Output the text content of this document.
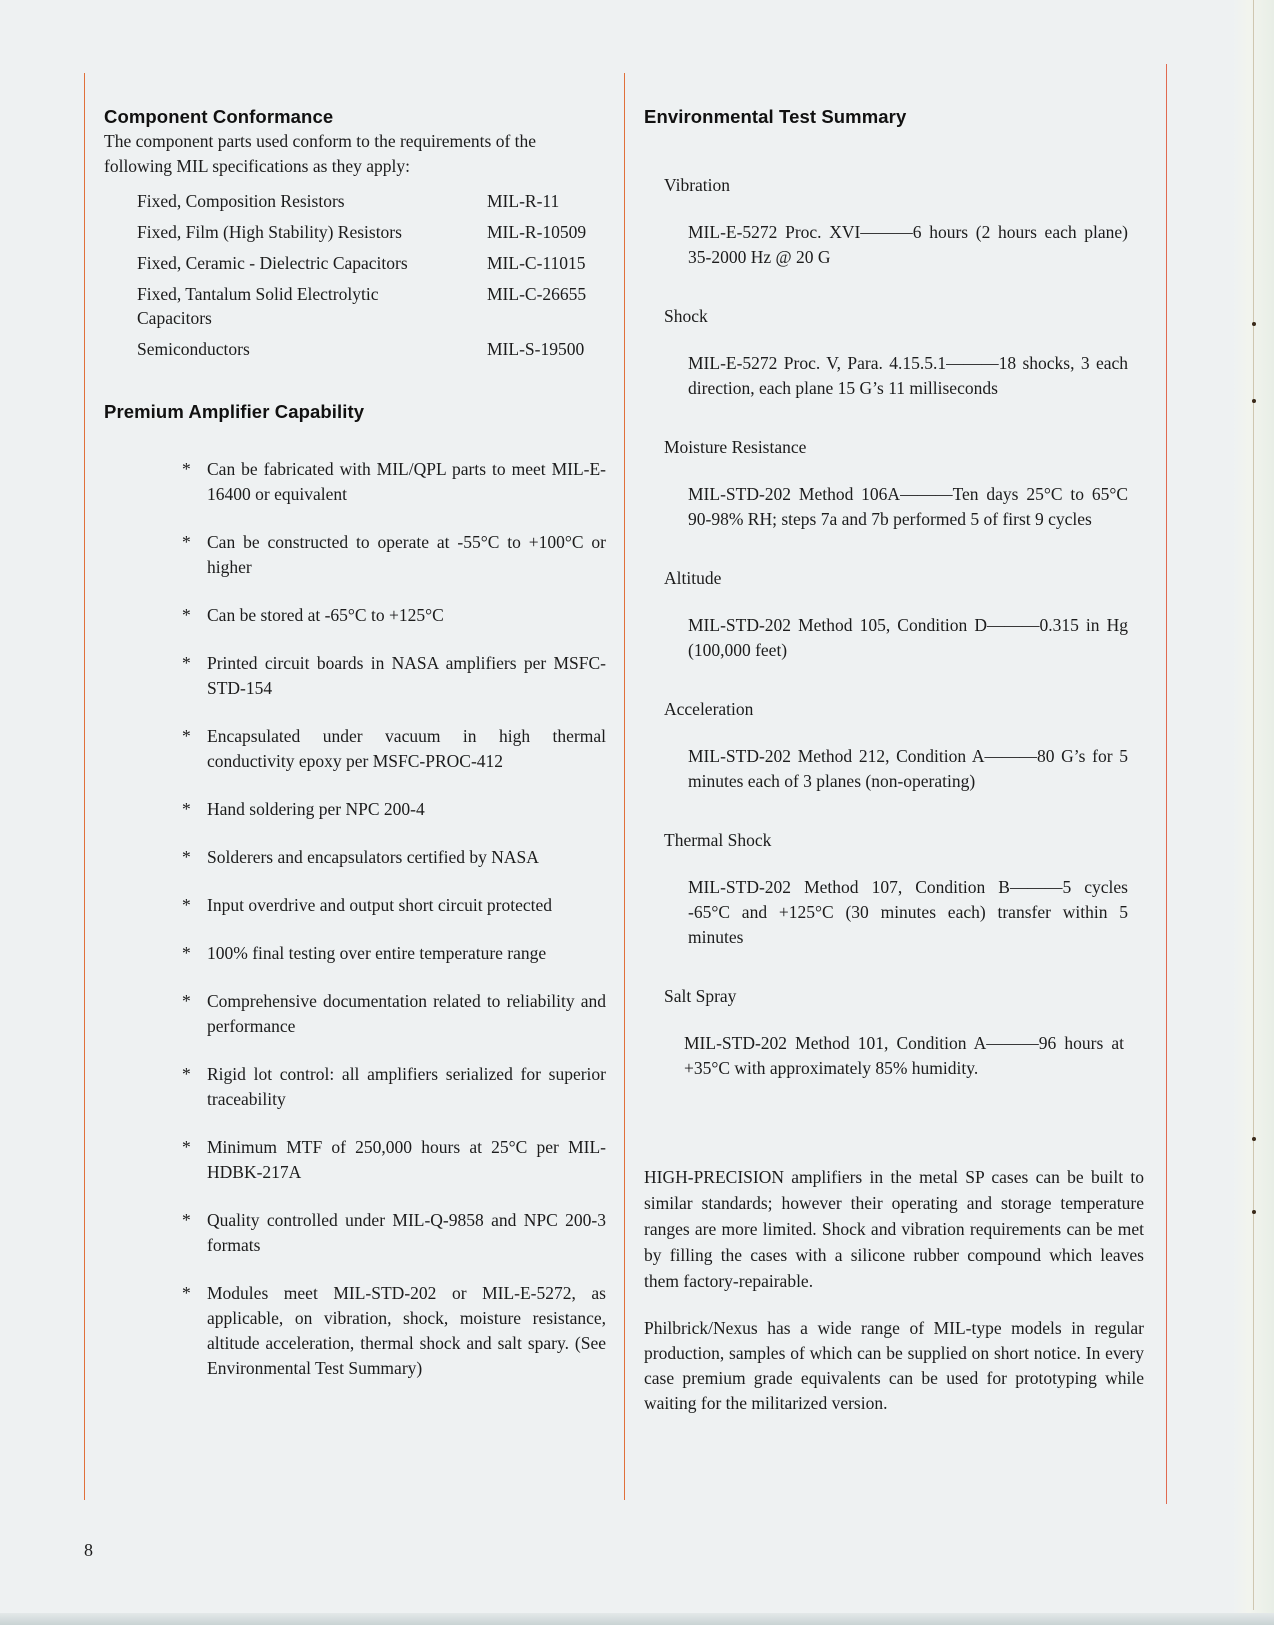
Component Conformance

The component parts used conform to the requirements of the following MIL specifications as they apply:

Fixed, Composition Resistors	MIL-R-11
Fixed, Film (High Stability) Resistors	MIL-R-10509
Fixed, Ceramic - Dielectric Capacitors	MIL-C-11015
Fixed, Tantalum Solid Electrolytic Capacitors	MIL-C-26655
Semiconductors	MIL-S-19500
Premium Amplifier Capability
* Can be fabricated with MIL/QPL parts to meet MIL-E-16400 or equivalent
* Can be constructed to operate at -55°C to +100°C or higher
* Can be stored at -65°C to +125°C
* Printed circuit boards in NASA amplifiers per MSFC-STD-154
* Encapsulated under vacuum in high thermal conductivity epoxy per MSFC-PROC-412
* Hand soldering per NPC 200-4
* Solderers and encapsulators certified by NASA
* Input overdrive and output short circuit protected
* 100% final testing over entire temperature range
* Comprehensive documentation related to reliability and performance
* Rigid lot control: all amplifiers serialized for superior traceability
* Minimum MTF of 250,000 hours at 25°C per MIL-HDBK-217A
* Quality controlled under MIL-Q-9858 and NPC 200-3 formats
* Modules meet MIL-STD-202 or MIL-E-5272, as applicable, on vibration, shock, moisture resistance, altitude acceleration, thermal shock and salt spary. (See Environmental Test Summary)
Environmental Test Summary
Vibration
MIL-E-5272 Proc. XVI———6 hours (2 hours each plane) 35-2000 Hz @ 20 G
Shock
MIL-E-5272 Proc. V, Para. 4.15.5.1———18 shocks, 3 each direction, each plane 15 G’s 11 milliseconds
Moisture Resistance
MIL-STD-202 Method 106A———Ten days 25°C to 65°C 90-98% RH; steps 7a and 7b performed 5 of first 9 cycles
Altitude
MIL-STD-202 Method 105, Condition D———0.315 in Hg (100,000 feet)
Acceleration
MIL-STD-202 Method 212, Condition A———80 G’s for 5 minutes each of 3 planes (non-operating)
Thermal Shock
MIL-STD-202 Method 107, Condition B———5 cycles -65°C and +125°C (30 minutes each) transfer within 5 minutes
Salt Spray
MIL-STD-202 Method 101, Condition A———96 hours at +35°C with approximately 85% humidity.

HIGH-PRECISION amplifiers in the metal SP cases can be built to similar standards; however their operating and storage temperature ranges are more limited. Shock and vibration requirements can be met by filling the cases with a silicone rubber compound which leaves them factory-repairable.

Philbrick/Nexus has a wide range of MIL-type models in regular production, samples of which can be supplied on short notice. In every case premium grade equivalents can be used for prototyping while waiting for the militarized version.

8
